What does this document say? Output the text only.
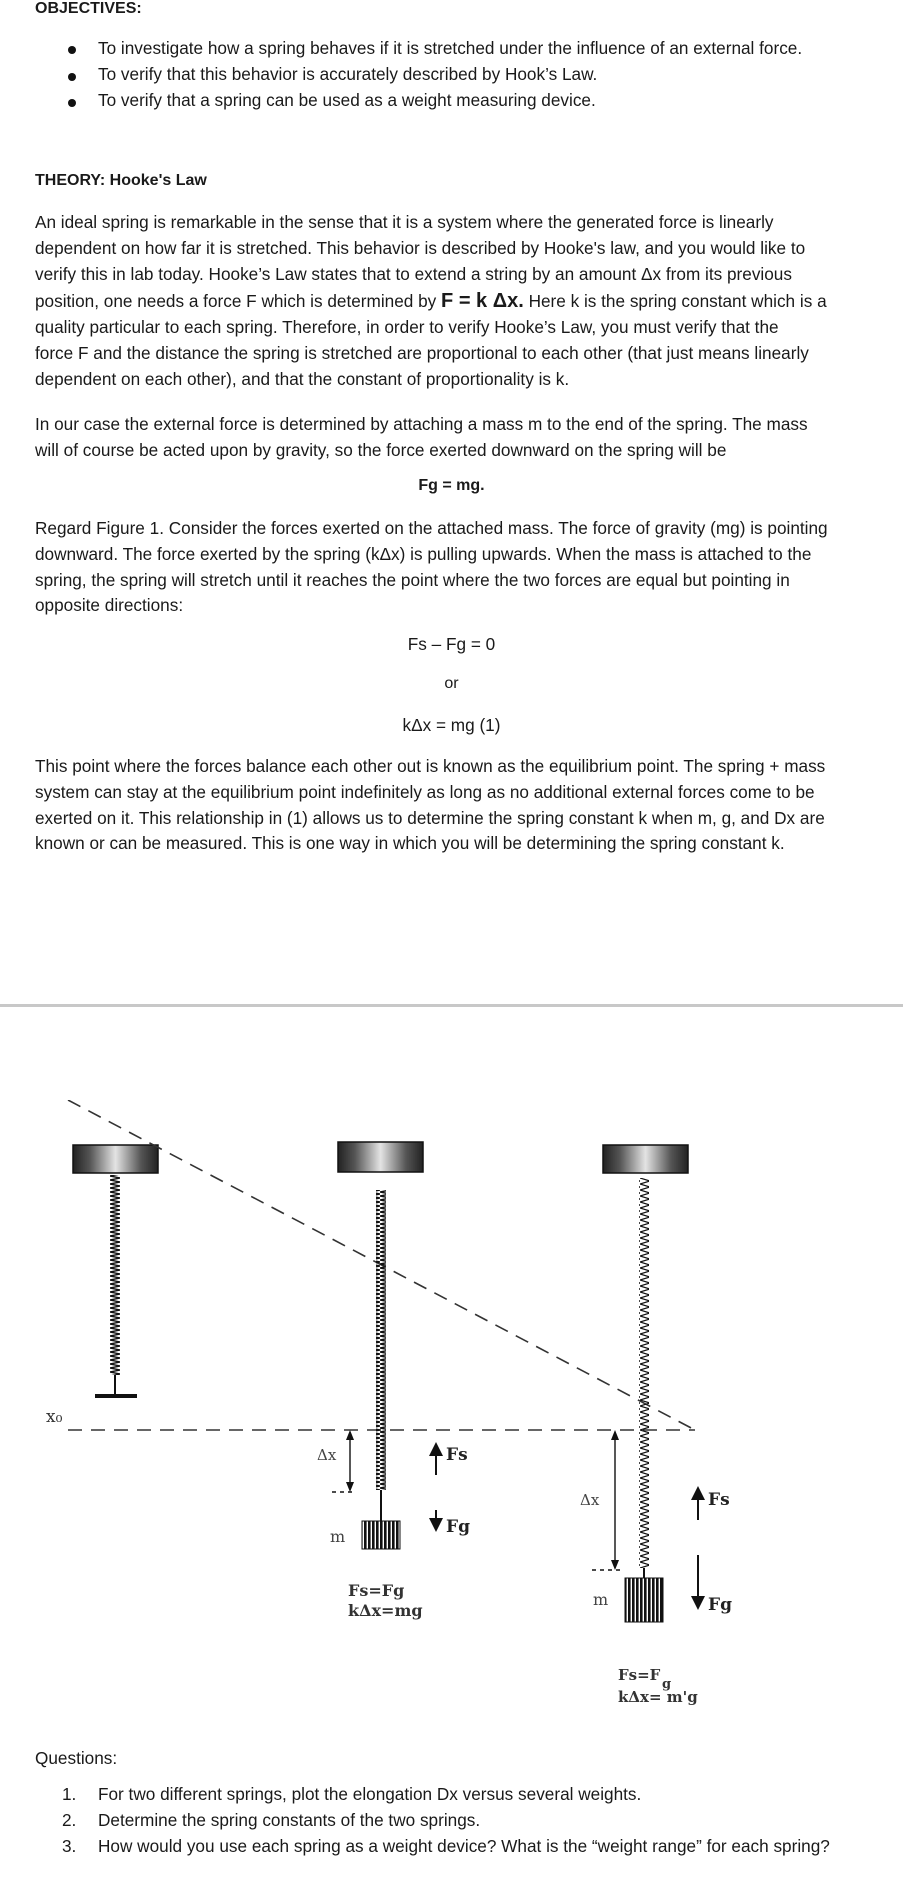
OBJECTIVES:
To investigate how a spring behaves if it is stretched under the influence of an external force.
To verify that this behavior is accurately described by Hook’s Law.
To verify that a spring can be used as a weight measuring device.
THEORY: Hooke's Law
An ideal spring is remarkable in the sense that it is a system where the generated force is linearly
dependent on how far it is stretched. This behavior is described by Hooke's law, and you would like to
verify this in lab today. Hooke’s Law states that to extend a string by an amount Δx from its previous
position, one needs a force F which is determined by F = k Δx. Here k is the spring constant which is a
quality particular to each spring. Therefore, in order to verify Hooke’s Law, you must verify that the
force F and the distance the spring is stretched are proportional to each other (that just means linearly
dependent on each other), and that the constant of proportionality is k.
In our case the external force is determined by attaching a mass m to the end of the spring. The mass
will of course be acted upon by gravity, so the force exerted downward on the spring will be
Fg = mg.
Regard Figure 1. Consider the forces exerted on the attached mass. The force of gravity (mg) is pointing
downward. The force exerted by the spring (kΔx) is pulling upwards. When the mass is attached to the
spring, the spring will stretch until it reaches the point where the two forces are equal but pointing in
opposite directions:
Fs – Fg = 0
or
kΔx = mg (1)
This point where the forces balance each other out is known as the equilibrium point. The spring + mass
system can stay at the equilibrium point indefinitely as long as no additional external forces come to be
exerted on it. This relationship in (1) allows us to determine the spring constant k when m, g, and Dx are
known or can be measured. This is one way in which you will be determining the spring constant k.
x₀
m
Δx	Fs
Fg
Fs=Fg
kΔx=mg
m
Δx	Fs
Fg
Fs=F
g
kΔx= m'g
Questions:
1. For two different springs, plot the elongation Dx versus several weights.
2. Determine the spring constants of the two springs.
3. How would you use each spring as a weight device? What is the “weight range” for each spring?
